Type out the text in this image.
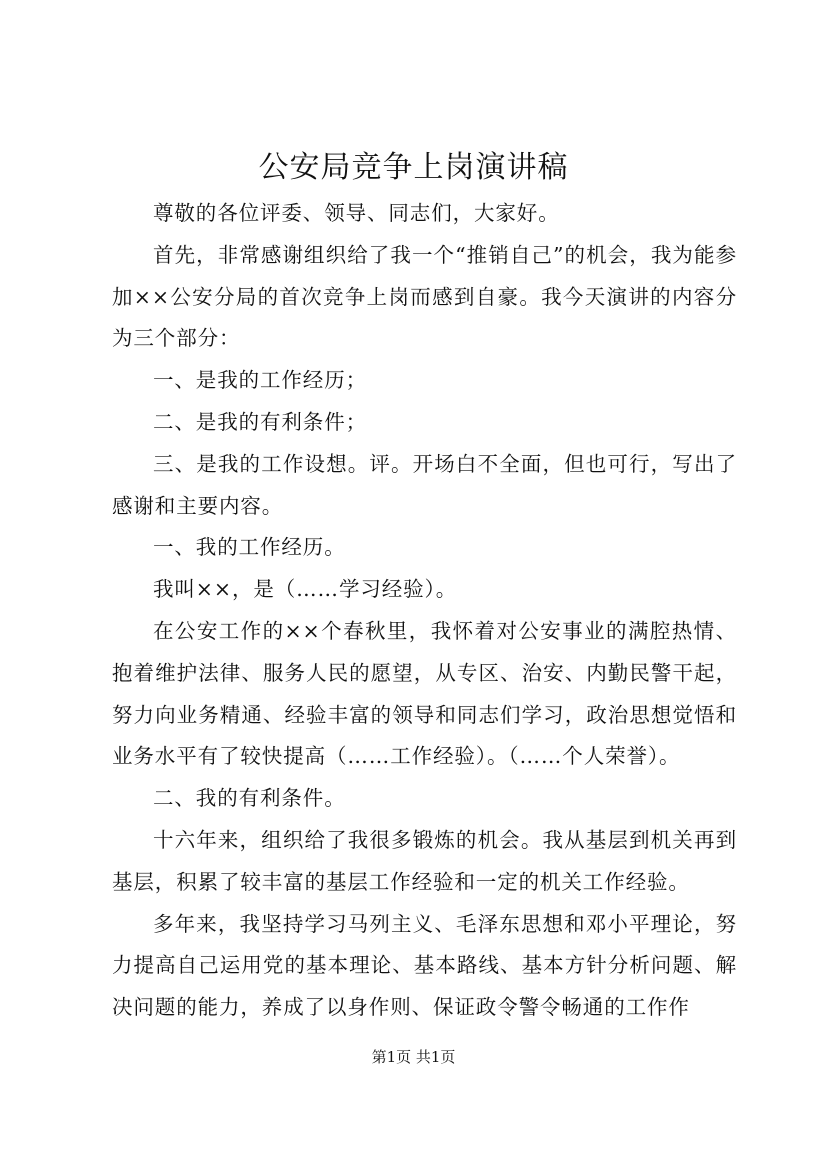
公安局竞争上岗演讲稿

尊敬的各位评委、领导、同志们，大家好。

首先，非常感谢组织给了我一个“推销自己”的机会，我为能参加××公安分局的首次竞争上岗而感到自豪。我今天演讲的内容分为三个部分：

一、是我的工作经历；

二、是我的有利条件；

三、是我的工作设想。评。开场白不全面，但也可行，写出了感谢和主要内容。

一、我的工作经历。

我叫××，是（……学习经验）。

在公安工作的××个春秋里，我怀着对公安事业的满腔热情、抱着维护法律、服务人民的愿望，从专区、治安、内勤民警干起，努力向业务精通、经验丰富的领导和同志们学习，政治思想觉悟和业务水平有了较快提高（……工作经验）。（……个人荣誉）。

二、我的有利条件。

十六年来，组织给了我很多锻炼的机会。我从基层到机关再到基层，积累了较丰富的基层工作经验和一定的机关工作经验。

多年来，我坚持学习马列主义、毛泽东思想和邓小平理论，努力提高自己运用党的基本理论、基本路线、基本方针分析问题、解决问题的能力，养成了以身作则、保证政令警令畅通的工作作

第1页 共1页
